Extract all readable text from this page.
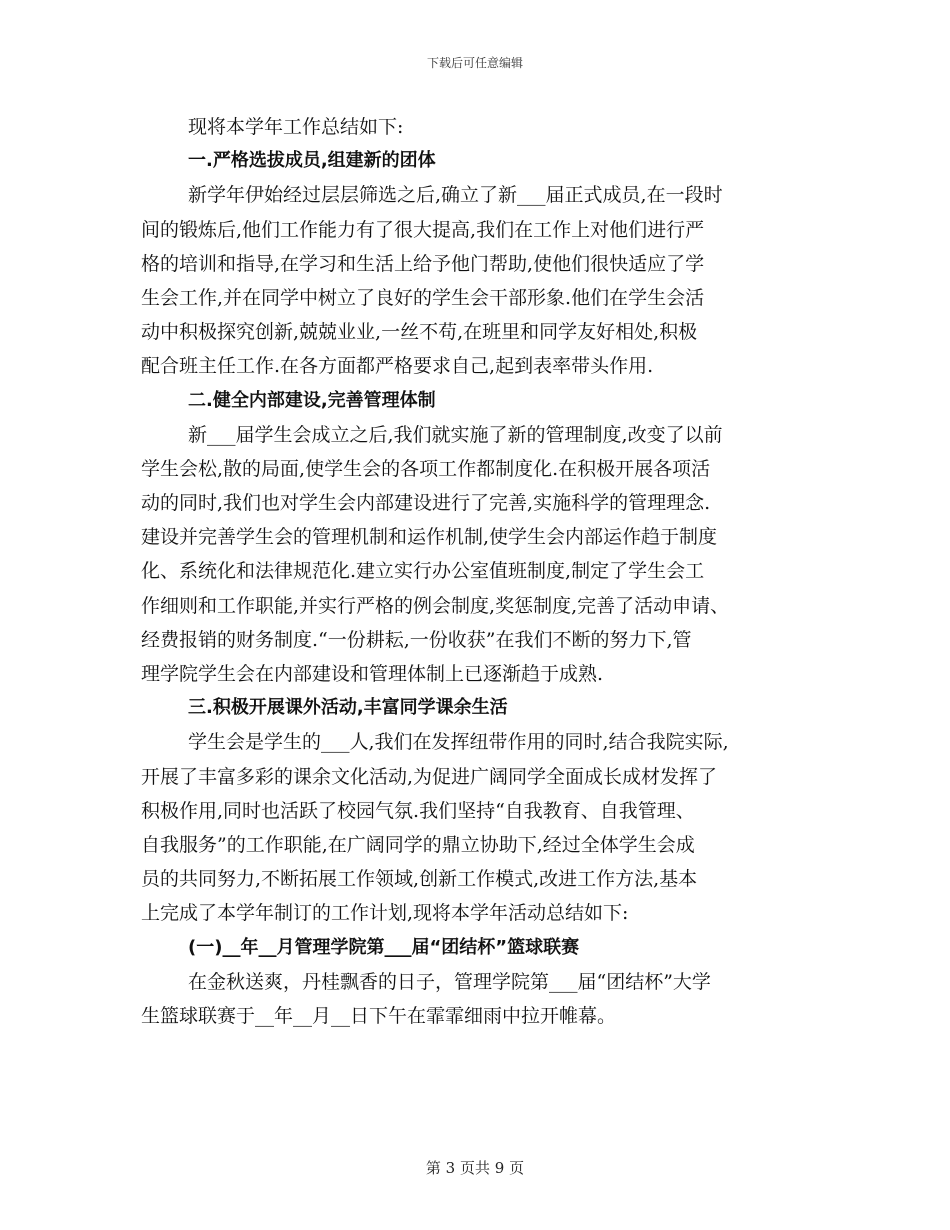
下载后可任意编辑
现将本学年工作总结如下:
一.严格选拔成员,组建新的团体
新学年伊始经过层层筛选之后,确立了新___届正式成员,在一段时
间的锻炼后,他们工作能力有了很大提高,我们在工作上对他们进行严
格的培训和指导,在学习和生活上给予他门帮助,使他们很快适应了学
生会工作,并在同学中树立了良好的学生会干部形象.他们在学生会活
动中积极探究创新,兢兢业业,一丝不苟,在班里和同学友好相处,积极
配合班主任工作.在各方面都严格要求自己,起到表率带头作用.
二.健全内部建设,完善管理体制
新___届学生会成立之后,我们就实施了新的管理制度,改变了以前
学生会松,散的局面,使学生会的各项工作都制度化.在积极开展各项活
动的同时,我们也对学生会内部建设进行了完善,实施科学的管理理念.
建设并完善学生会的管理机制和运作机制,使学生会内部运作趋于制度
化、系统化和法律规范化.建立实行办公室值班制度,制定了学生会工
作细则和工作职能,并实行严格的例会制度,奖惩制度,完善了活动申请、
经费报销的财务制度.“一份耕耘,一份收获”在我们不断的努力下,管
理学院学生会在内部建设和管理体制上已逐渐趋于成熟.
三.积极开展课外活动,丰富同学课余生活
学生会是学生的___人,我们在发挥纽带作用的同时,结合我院实际,
开展了丰富多彩的课余文化活动,为促进广阔同学全面成长成材发挥了
积极作用,同时也活跃了校园气氛.我们坚持“自我教育、自我管理、
自我服务”的工作职能,在广阔同学的鼎立协助下,经过全体学生会成
员的共同努力,不断拓展工作领域,创新工作模式,改进工作方法,基本
上完成了本学年制订的工作计划,现将本学年活动总结如下:
(一)__年__月管理学院第___届“团结杯”篮球联赛
在金秋送爽，丹桂飘香的日子，管理学院第___届“团结杯”大学
生篮球联赛于__年__月__日下午在霏霏细雨中拉开帷幕。
第 3 页共 9 页
